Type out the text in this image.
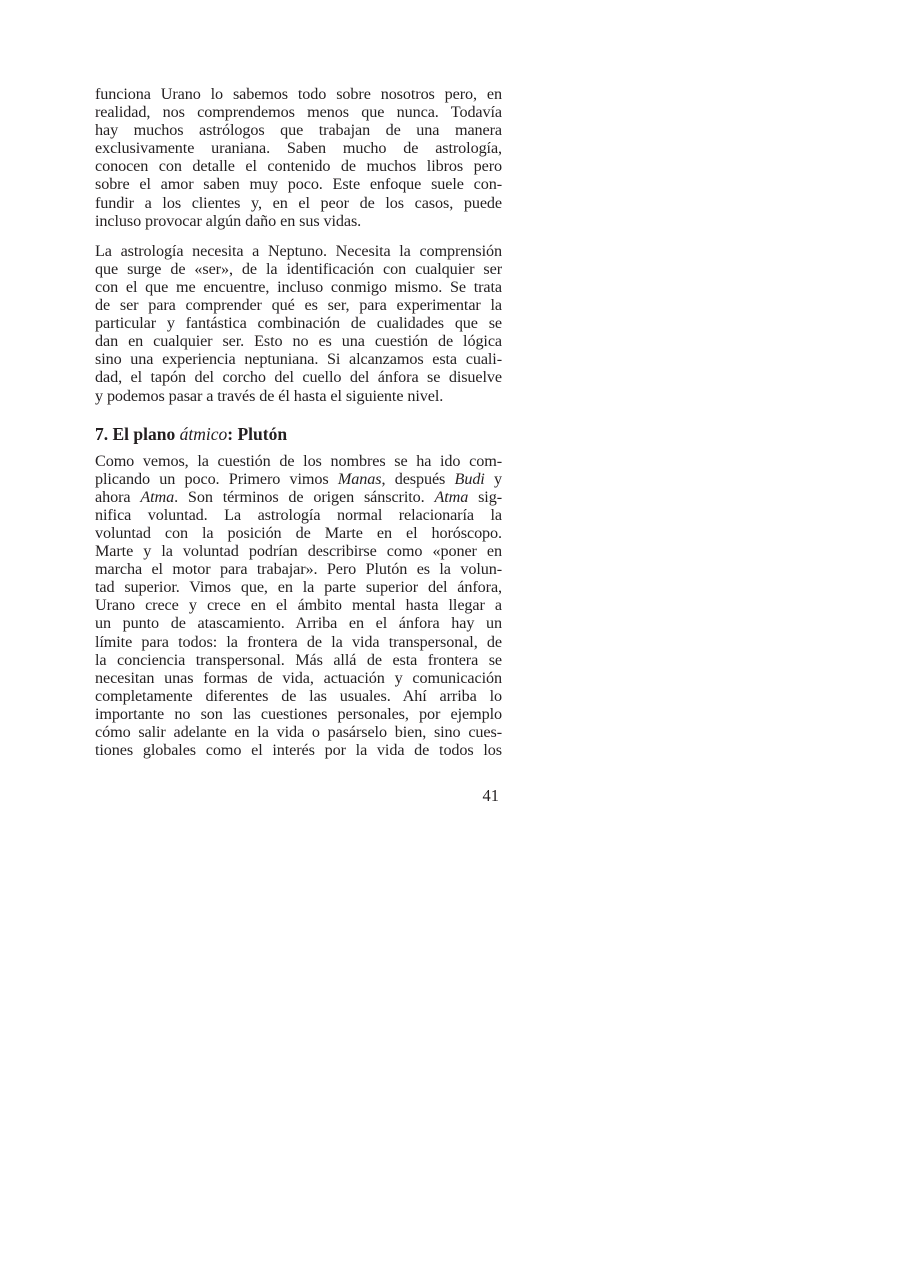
funciona Urano lo sabemos todo sobre nosotros pero, en
realidad, nos comprendemos menos que nunca. Todavía
hay muchos astrólogos que trabajan de una manera
exclusivamente uraniana. Saben mucho de astrología,
conocen con detalle el contenido de muchos libros pero
sobre el amor saben muy poco. Este enfoque suele con-
fundir a los clientes y, en el peor de los casos, puede
incluso provocar algún daño en sus vidas.

La astrología necesita a Neptuno. Necesita la comprensión
que surge de «ser», de la identificación con cualquier ser
con el que me encuentre, incluso conmigo mismo. Se trata
de ser para comprender qué es ser, para experimentar la
particular y fantástica combinación de cualidades que se
dan en cualquier ser. Esto no es una cuestión de lógica
sino una experiencia neptuniana. Si alcanzamos esta cuali-
dad, el tapón del corcho del cuello del ánfora se disuelve
y podemos pasar a través de él hasta el siguiente nivel.

7. El plano átmico: Plutón

Como vemos, la cuestión de los nombres se ha ido com-
plicando un poco. Primero vimos Manas, después Budi y
ahora Atma. Son términos de origen sánscrito. Atma sig-
nifica voluntad. La astrología normal relacionaría la
voluntad con la posición de Marte en el horóscopo.
Marte y la voluntad podrían describirse como «poner en
marcha el motor para trabajar». Pero Plutón es la volun-
tad superior. Vimos que, en la parte superior del ánfora,
Urano crece y crece en el ámbito mental hasta llegar a
un punto de atascamiento. Arriba en el ánfora hay un
límite para todos: la frontera de la vida transpersonal, de
la conciencia transpersonal. Más allá de esta frontera se
necesitan unas formas de vida, actuación y comunicación
completamente diferentes de las usuales. Ahí arriba lo
importante no son las cuestiones personales, por ejemplo
cómo salir adelante en la vida o pasárselo bien, sino cues-
tiones globales como el interés por la vida de todos los

41
